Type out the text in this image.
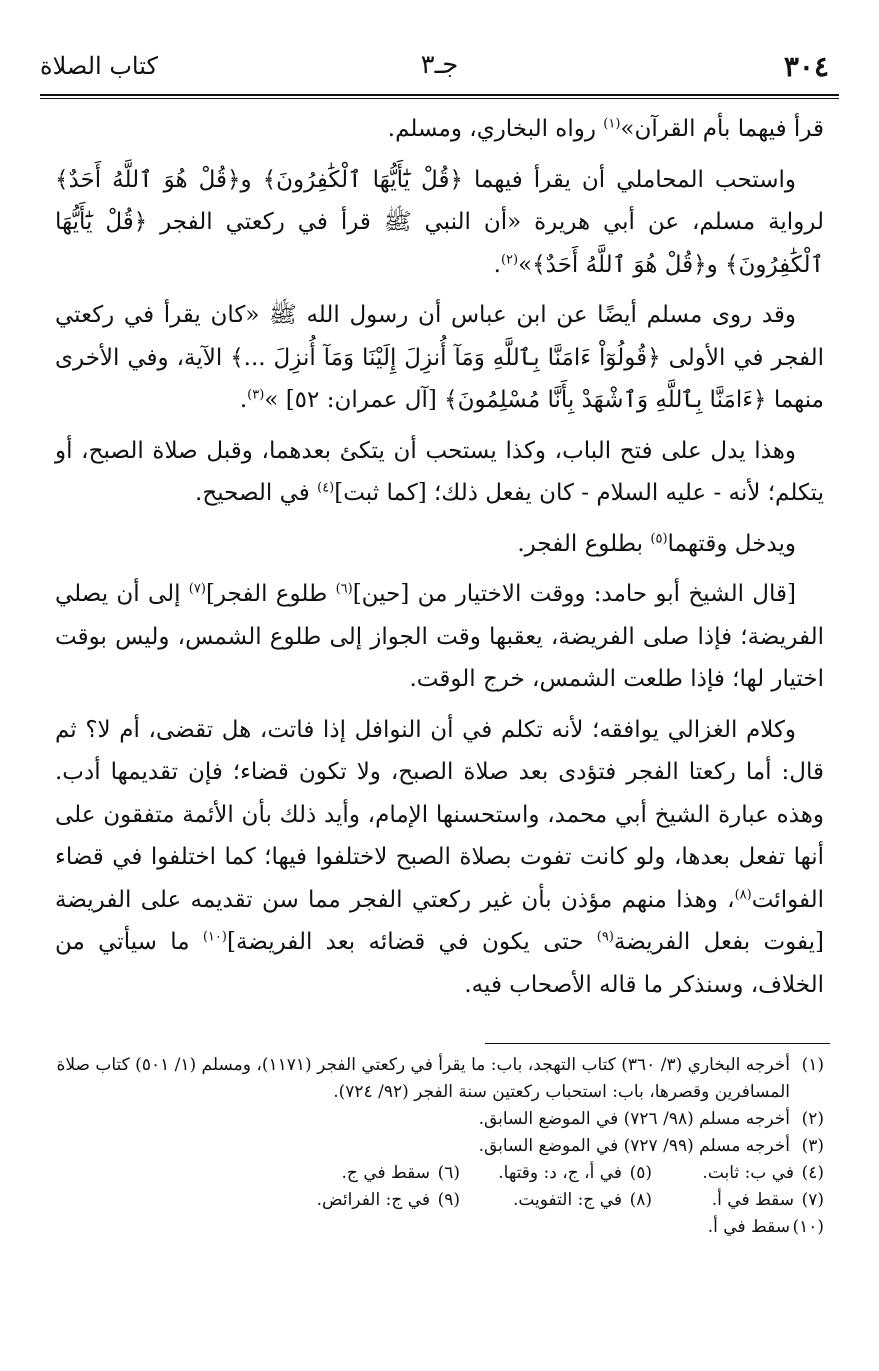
٣٠٤
جـ٣
كتاب الصلاة

قرأ فيهما بأم القرآن»$^{(١)}$ رواه البخاري، ومسلم.

واستحب المحاملي أن يقرأ فيهما ﴿قُلْ يَٰٓأَيُّهَا ٱلْكَٰفِرُونَ﴾ و﴿قُلْ هُوَ ٱللَّهُ أَحَدٌ﴾ لرواية مسلم، عن أبي هريرة «أن النبي ﷺ قرأ في ركعتي الفجر ﴿قُلْ يَٰٓأَيُّهَا ٱلْكَٰفِرُونَ﴾ و﴿قُلْ هُوَ ٱللَّهُ أَحَدٌ﴾»$^{(٢)}$.

وقد روى مسلم أيضًا عن ابن عباس أن رسول الله ﷺ «كان يقرأ في ركعتي الفجر في الأولى ﴿قُولُوٓاْ ءَامَنَّا بِٱللَّهِ وَمَآ أُنزِلَ إِلَيْنَا وَمَآ أُنزِلَ ...﴾ الآية، وفي الأخرى منهما ﴿ءَامَنَّا بِٱللَّهِ وَٱشْهَدْ بِأَنَّا مُسْلِمُونَ﴾ [آل عمران: ٥٢] »$^{(٣)}$.

وهذا يدل على فتح الباب، وكذا يستحب أن يتكئ بعدهما، وقبل صلاة الصبح، أو يتكلم؛ لأنه - عليه السلام - كان يفعل ذلك؛ [كما ثبت]$^{(٤)}$ في الصحيح.

ويدخل وقتهما$^{(٥)}$ بطلوع الفجر.

[قال الشيخ أبو حامد: ووقت الاختيار من [حين]$^{(٦)}$ طلوع الفجر]$^{(٧)}$ إلى أن يصلي الفريضة؛ فإذا صلى الفريضة، يعقبها وقت الجواز إلى طلوع الشمس، وليس بوقت اختيار لها؛ فإذا طلعت الشمس، خرج الوقت.

وكلام الغزالي يوافقه؛ لأنه تكلم في أن النوافل إذا فاتت، هل تقضى، أم لا؟ ثم قال: أما ركعتا الفجر فتؤدى بعد صلاة الصبح، ولا تكون قضاء؛ فإن تقديمها أدب. وهذه عبارة الشيخ أبي محمد، واستحسنها الإمام، وأيد ذلك بأن الأئمة متفقون على أنها تفعل بعدها، ولو كانت تفوت بصلاة الصبح لاختلفوا فيها؛ كما اختلفوا في قضاء الفوائت$^{(٨)}$، وهذا منهم مؤذن بأن غير ركعتي الفجر مما سن تقديمه على الفريضة [يفوت بفعل الفريضة$^{(٩)}$ حتى يكون في قضائه بعد الفريضة]$^{(١٠)}$ ما سيأتي من الخلاف، وسنذكر ما قاله الأصحاب فيه.

(١)
أخرجه البخاري (٣/ ٣٦٠) كتاب التهجد، باب: ما يقرأ في ركعتي الفجر (١١٧١)، ومسلم (١/ ٥٠١) كتاب صلاة المسافرين وقصرها، باب: استحباب ركعتين سنة الفجر (٩٢/ ٧٢٤).
(٢)
أخرجه مسلم (٩٨/ ٧٢٦) في الموضع السابق.
(٣)
أخرجه مسلم (٩٩/ ٧٢٧) في الموضع السابق.
(٤)في ب: ثابت.
(٥)في أ، ج، د: وقتها.
(٦)سقط في ج.
(٧)سقط في أ.
(٨)في ج: التفويت.
(٩)في ج: الفرائض.
(١٠)
سقط في أ.
